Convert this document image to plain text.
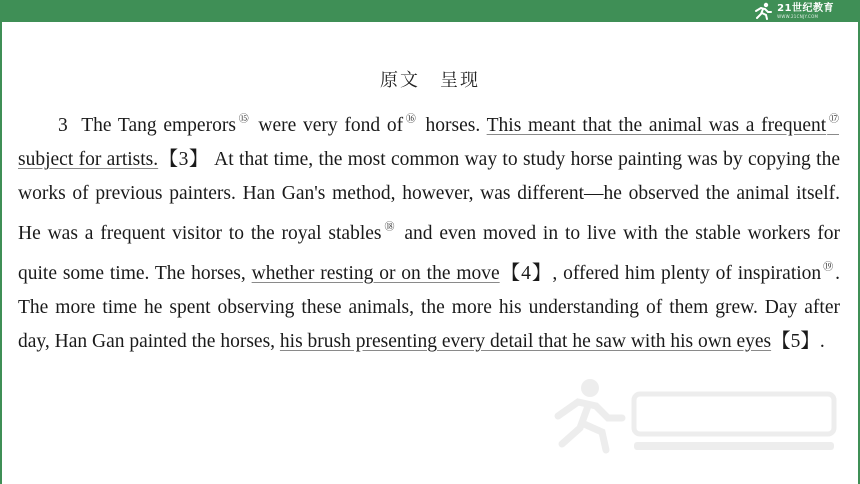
21世纪教育
WWW.21CNJY.COM
原文　呈现
3 The Tang emperors⑮ were very fond of⑯ horses. This meant that the animal was a frequent⑰ subject for artists.【3】 At that time, the most common way to study horse painting was by copying the works of previous painters. Han Gan's method, however, was different—he observed the animal itself. He was a frequent visitor to the royal stables⑱ and even moved in to live with the stable workers for quite some time. The horses, whether resting or on the move【4】, offered him plenty of inspiration⑲. The more time he spent observing these animals, the more his understanding of them grew. Day after day, Han Gan painted the horses, his brush presenting every detail that he saw with his own eyes【5】.
